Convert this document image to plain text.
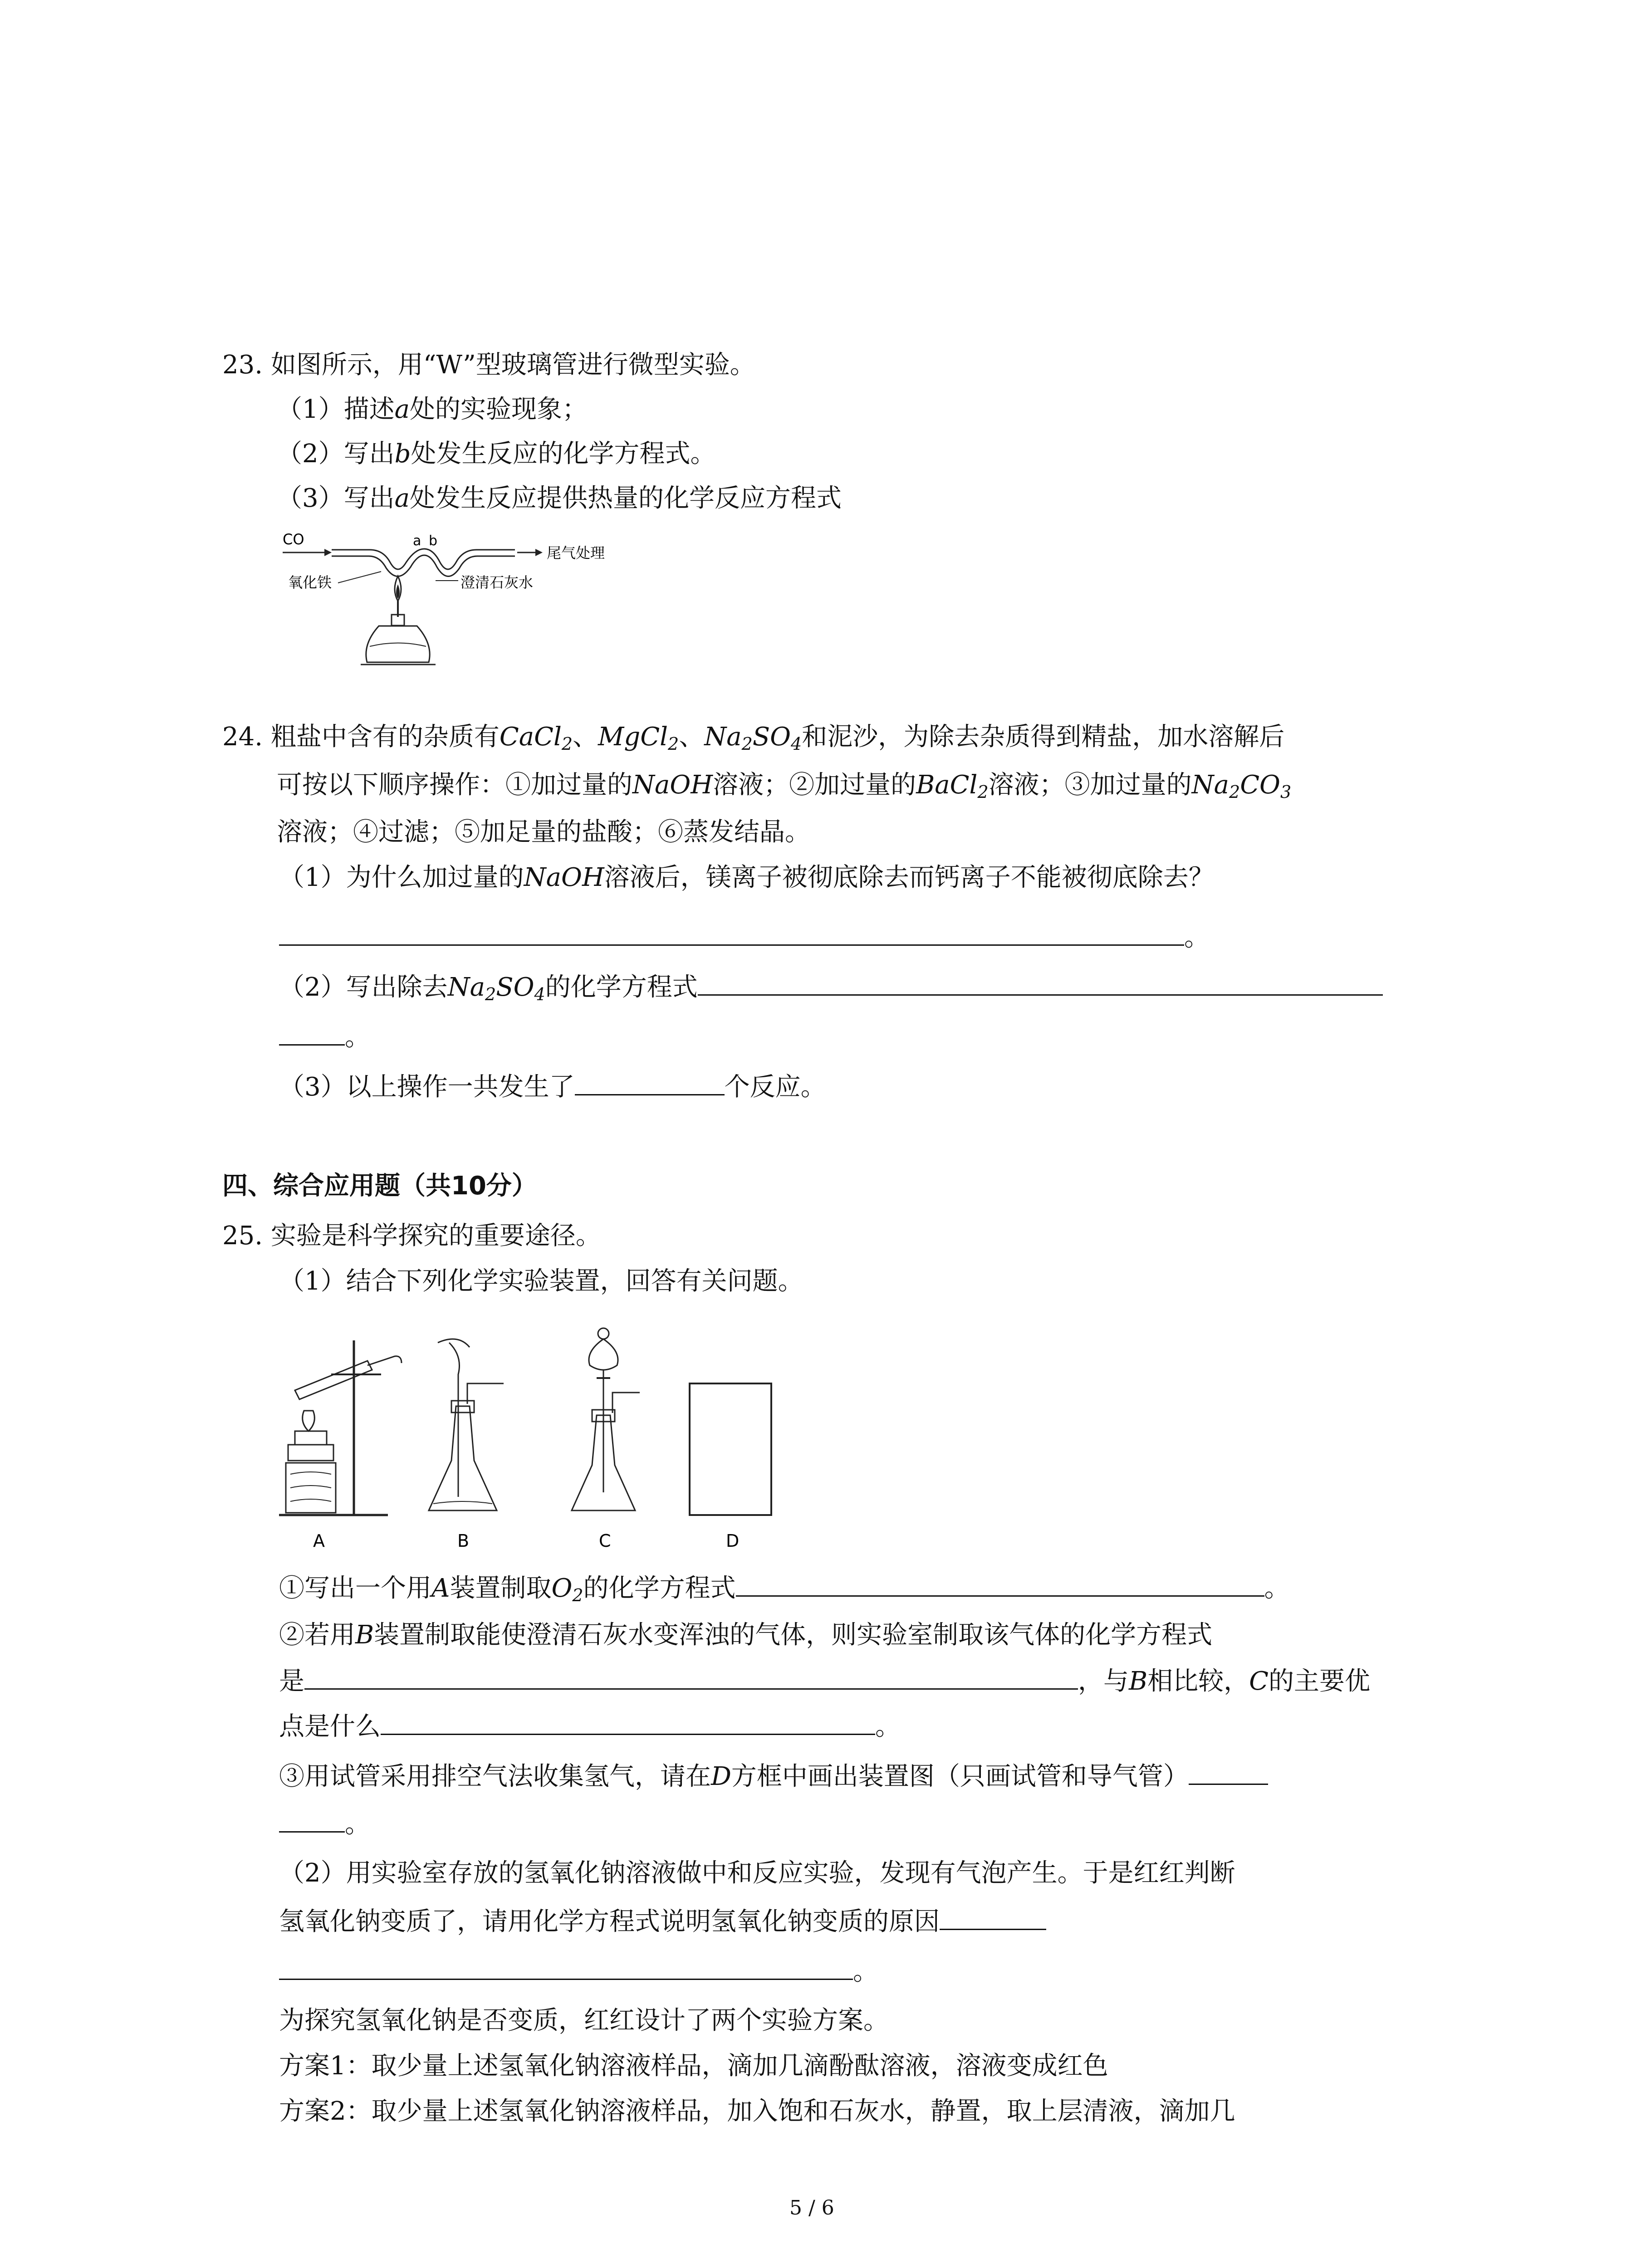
23. 如图所示，用“W”型玻璃管进行微型实验。
（1）描述a处的实验现象；
（2）写出b处发生反应的化学方程式。
（3）写出a处发生反应提供热量的化学反应方程式
CO	a b
尾气处理
氧化铁	澄清石灰水
24. 粗盐中含有的杂质有CaCl$_2$、MgCl$_2$、$Na_2SO_4$和泥沙，为除去杂质得到精盐，加水溶解后
可按以下顺序操作：①加过量的NaOH溶液；②加过量的BaCl$_2$溶液；③加过量的$Na_2CO_3$
溶液；④过滤；⑤加足量的盐酸；⑥蒸发结晶。
（1）为什么加过量的NaOH溶液后，镁离子被彻底除去而钙离子不能被彻底除去？
。
（2）写出除去$Na_2SO_4$的化学方程式
。
（3）以上操作一共发生了	个反应。
四、综合应用题（共10分）
25. 实验是科学探究的重要途径。
（1）结合下列化学实验装置，回答有关问题。
A	B	C	D
①写出一个用A装置制取$O_2$的化学方程式	。
②若用B装置制取能使澄清石灰水变浑浊的气体，则实验室制取该气体的化学方程式
是	，与B相比较，C的主要优
点是什么	。
③用试管采用排空气法收集氢气，请在D方框中画出装置图（只画试管和导气管）
。
（2）用实验室存放的氢氧化钠溶液做中和反应实验，发现有气泡产生。于是红红判断
氢氧化钠变质了，请用化学方程式说明氢氧化钠变质的原因
。
为探究氢氧化钠是否变质，红红设计了两个实验方案。
方案1：取少量上述氢氧化钠溶液样品，滴加几滴酚酞溶液，溶液变成红色
方案2：取少量上述氢氧化钠溶液样品，加入饱和石灰水，静置，取上层清液，滴加几
5 / 6
